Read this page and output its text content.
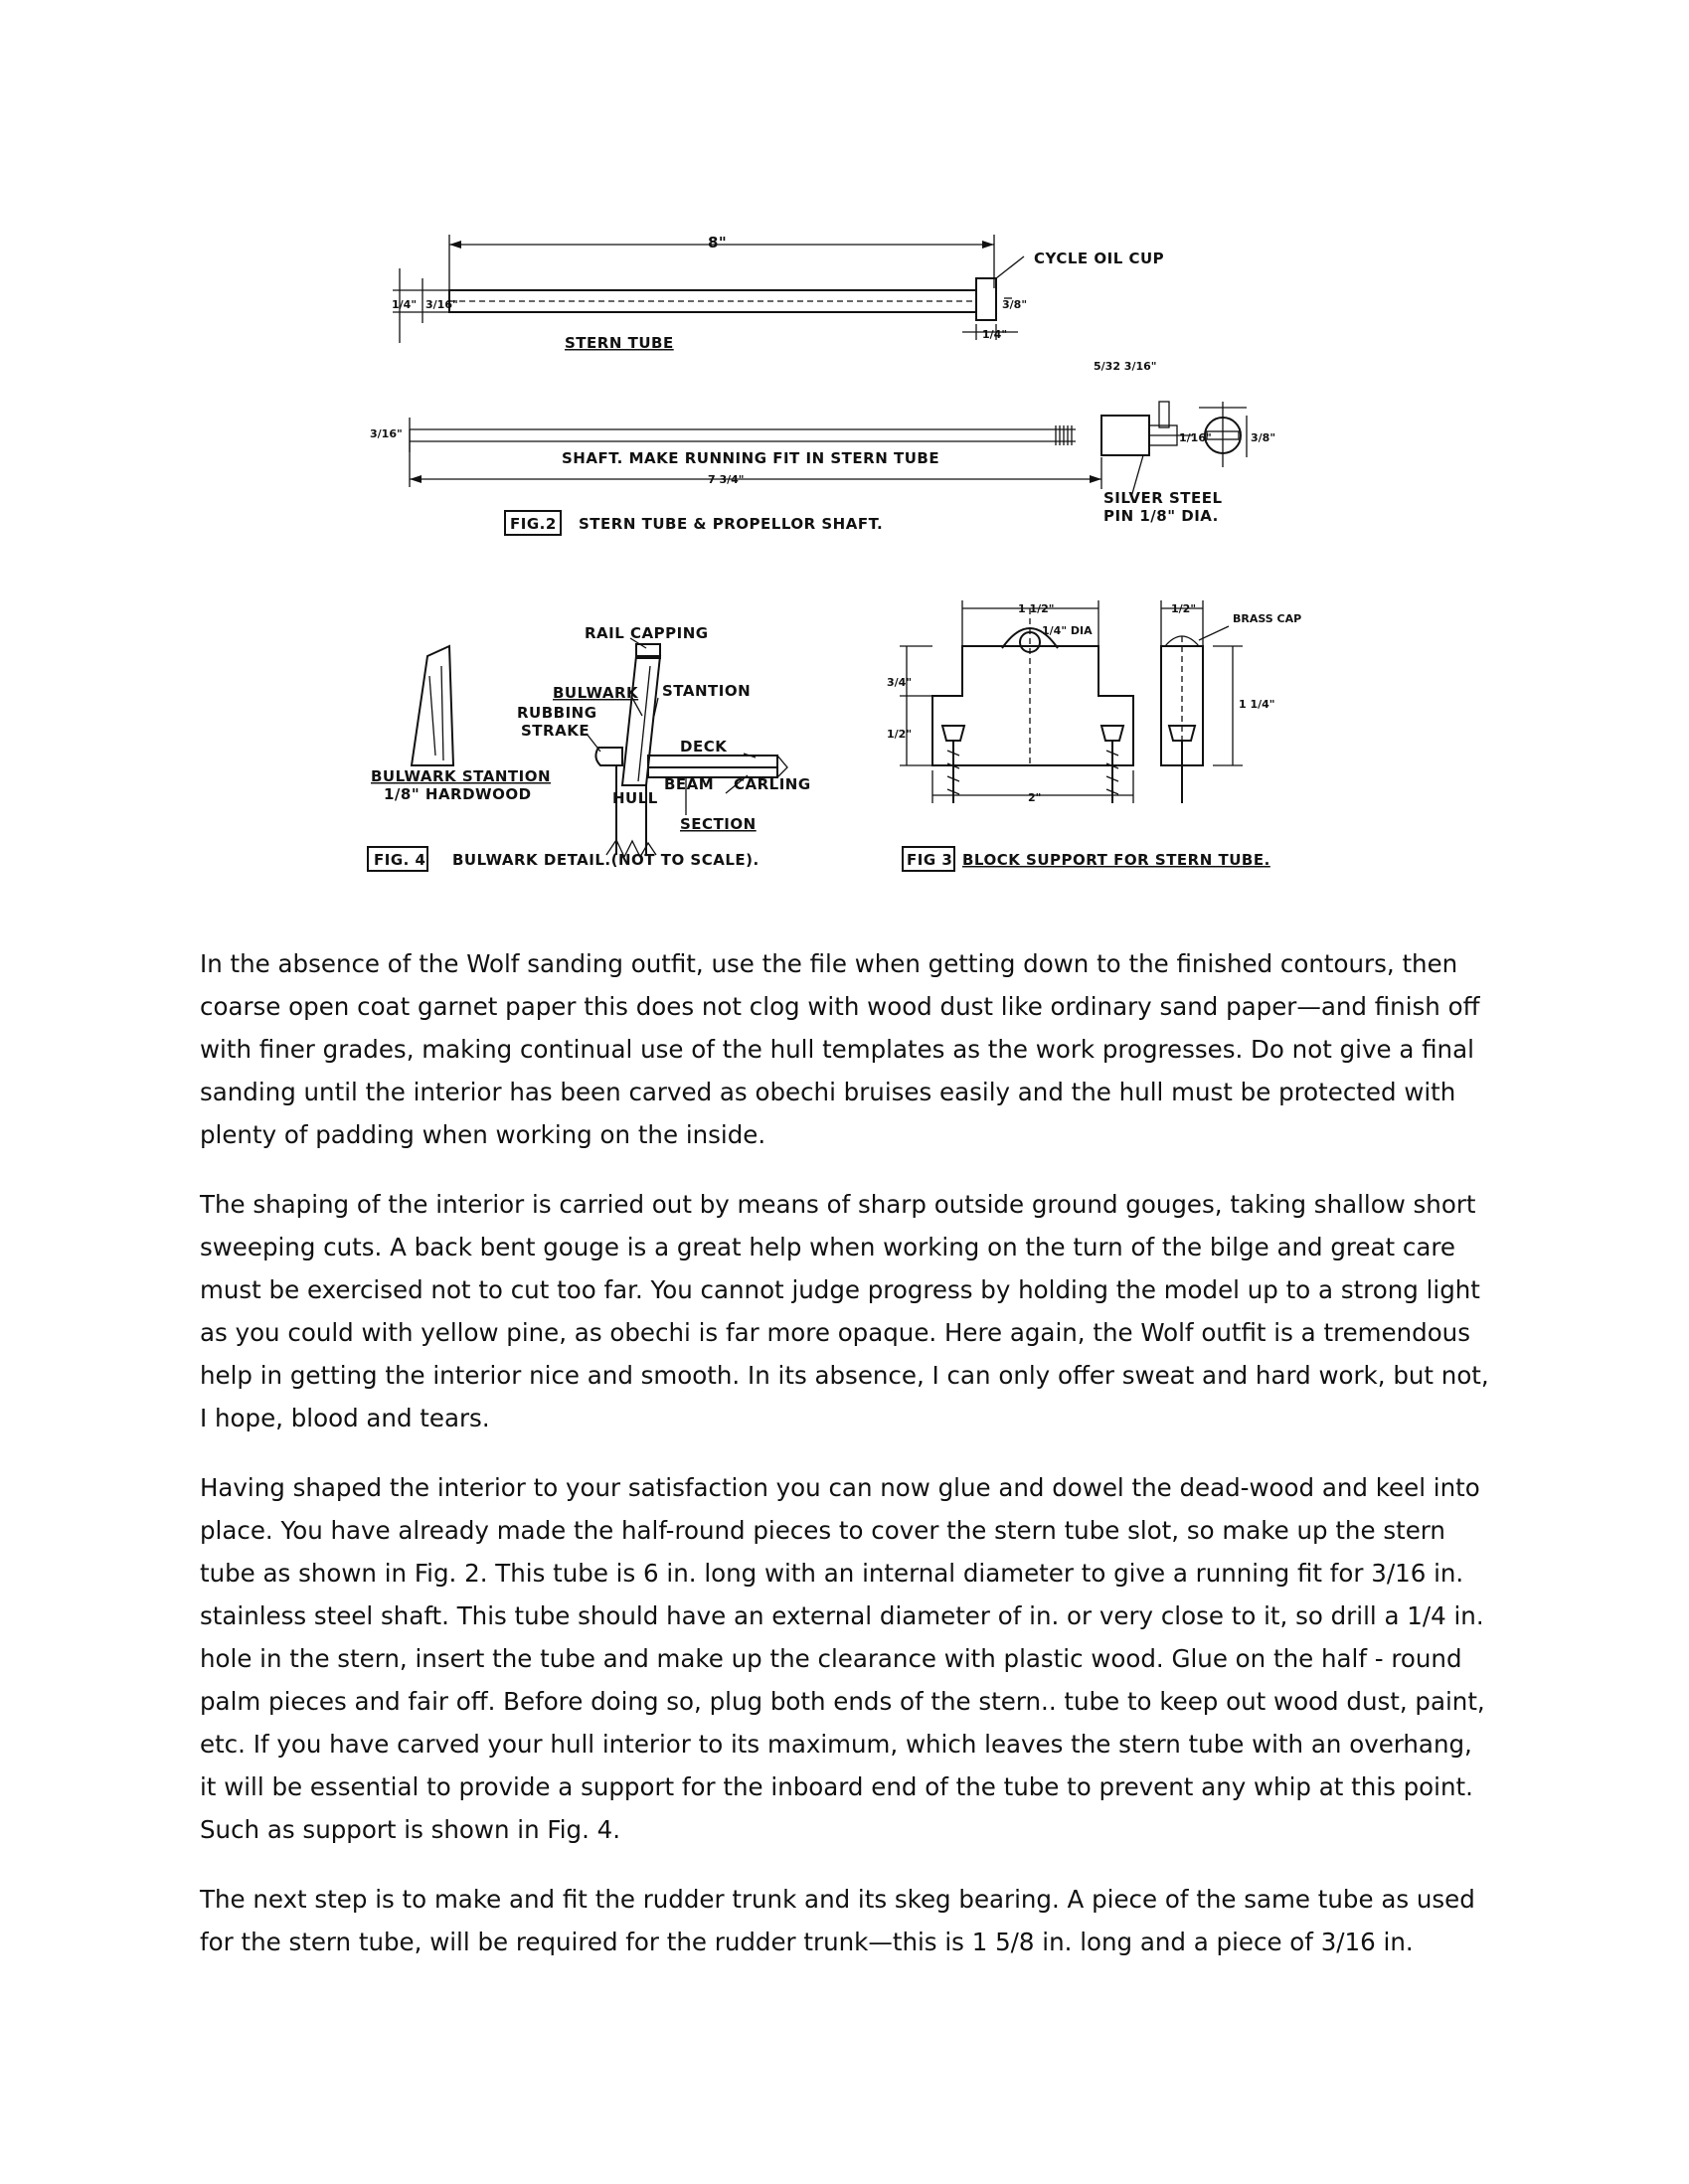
8"
CYCLE OIL CUP
1/4" 3/16"	3/8"
1/4"
STERN TUBE
5/32 3/16"
3/8"
1/16"
3/16"
SHAFT. MAKE RUNNING FIT IN STERN TUBE
7 3/4"
SILVER STEEL
PIN 1/8" DIA.
FIG.2 STERN TUBE & PROPELLOR SHAFT.
RAIL CAPPING
BULWARK STANTION
RUBBING
STRAKE
DECK
HULL
BEAM CARLING
SECTION
BULWARK STANTION
1/8" HARDWOOD
FIG. 4 BULWARK DETAIL.(NOT TO SCALE).
1 1/2"
1/4" DIA
3/4"
1/2"
2"
1/2"
BRASS CAP
1 1/4"
FIG 3 BLOCK SUPPORT FOR STERN TUBE.

In the absence of the Wolf sanding outfit, use the file when getting down to the finished contours, then coarse open coat garnet paper this does not clog with wood dust like ordinary sand paper—and finish off with finer grades, making continual use of the hull templates as the work progresses. Do not give a final sanding until the interior has been carved as obechi bruises easily and the hull must be protected with plenty of padding when working on the inside.

The shaping of the interior is carried out by means of sharp outside ground gouges, taking shallow short sweeping cuts. A back bent gouge is a great help when working on the turn of the bilge and great care must be exercised not to cut too far. You cannot judge progress by holding the model up to a strong light as you could with yellow pine, as obechi is far more opaque. Here again, the Wolf outfit is a tremendous help in getting the interior nice and smooth. In its absence, I can only offer sweat and hard work, but not, I hope, blood and tears.

Having shaped the interior to your satisfaction you can now glue and dowel the dead-wood and keel into place. You have already made the half-round pieces to cover the stern tube slot, so make up the stern tube as shown in Fig. 2. This tube is 6 in. long with an internal diameter to give a running fit for 3/16 in. stainless steel shaft. This tube should have an external diameter of in. or very close to it, so drill a 1/4 in. hole in the stern, insert the tube and make up the clearance with plastic wood. Glue on the half - round palm pieces and fair off. Before doing so, plug both ends of the stern.. tube to keep out wood dust, paint, etc. If you have carved your hull interior to its maximum, which leaves the stern tube with an overhang, it will be essential to provide a support for the inboard end of the tube to prevent any whip at this point. Such as support is shown in Fig. 4.

The next step is to make and fit the rudder trunk and its skeg bearing. A piece of the same tube as used for the stern tube, will be required for the rudder trunk—this is 1 5/8 in. long and a piece of 3/16 in.
